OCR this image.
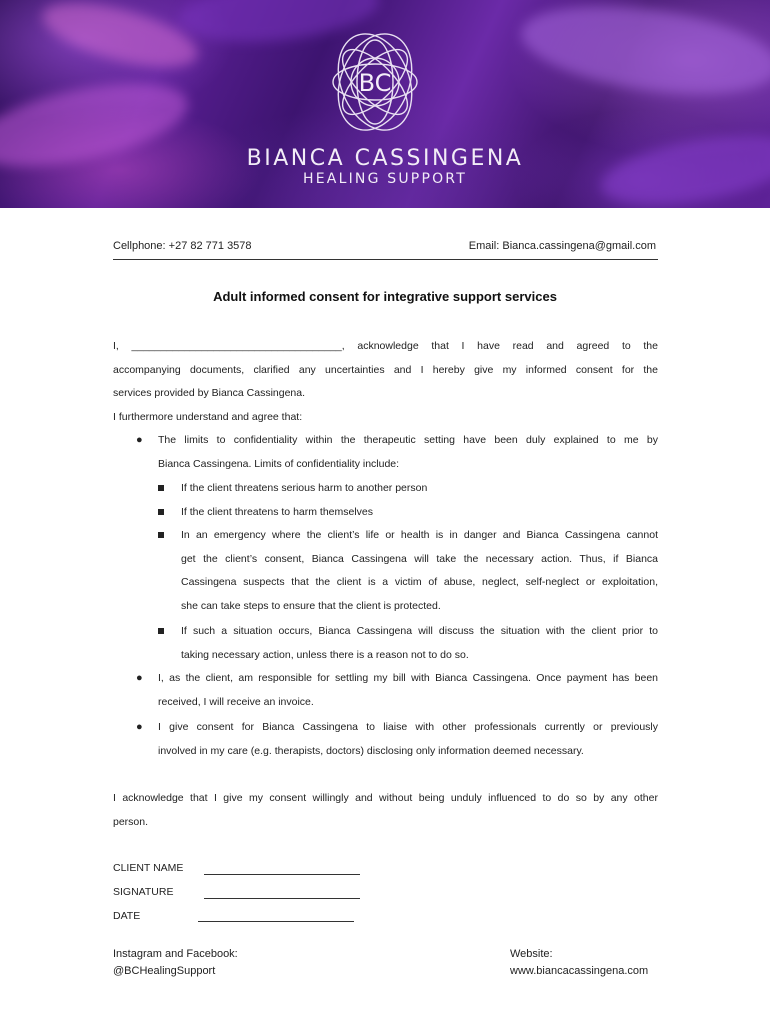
BC
BIANCA CASSINGENA
HEALING SUPPORT
Cellphone: +27 82 771 3578	Email: Bianca.cassingena@gmail.com
Adult informed consent for integrative support services
I, ____________________________________, acknowledge that I have read and agreed to the
accompanying documents, clarified any uncertainties and I hereby give my informed consent for the
services provided by Bianca Cassingena.
I furthermore understand and agree that:
●	The limits to confidentiality within the therapeutic setting have been duly explained to me by
Bianca Cassingena. Limits of confidentiality include:
If the client threatens serious harm to another person
If the client threatens to harm themselves
In an emergency where the client’s life or health is in danger and Bianca Cassingena cannot
get the client’s consent, Bianca Cassingena will take the necessary action. Thus, if Bianca
Cassingena suspects that the client is a victim of abuse, neglect, self-neglect or exploitation,
she can take steps to ensure that the client is protected.
If such a situation occurs, Bianca Cassingena will discuss the situation with the client prior to
taking necessary action, unless there is a reason not to do so.
●	I, as the client, am responsible for settling my bill with Bianca Cassingena. Once payment has been
received, I will receive an invoice.
●	I give consent for Bianca Cassingena to liaise with other professionals currently or previously
involved in my care (e.g. therapists, doctors) disclosing only information deemed necessary.
I acknowledge that I give my consent willingly and without being unduly influenced to do so by any other
person.
CLIENT NAME
SIGNATURE
DATE
Instagram and Facebook:
@BCHealingSupport
Website:
www.biancacassingena.com
